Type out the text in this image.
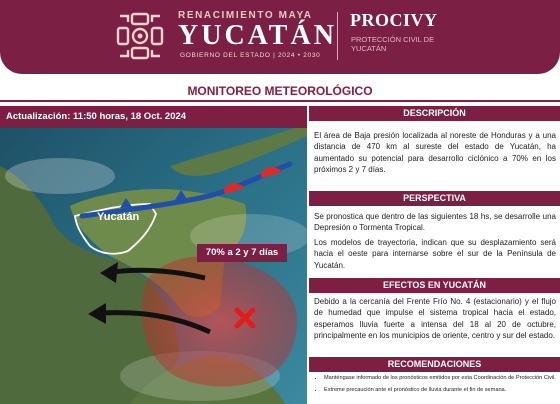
RENACIMIENTO MAYA
YUCATÁN
GOBIERNO DEL ESTADO | 2024 • 2030
PROCIVY
PROTECCIÓN CIVIL DE YUCATÁN
MONITOREO METEOROLÓGICO
Actualización: 11:50 horas, 18 Oct. 2024
Yucatán
70% a 2 y 7 días
DESCRIPCIÓN

El área de Baja presión localizada al noreste de Honduras y a una distancia de 470 km al sureste del estado de Yucatán, ha aumentado su potencial para desarrollo ciclónico a 70% en los próximos 2 y 7 días.

PERSPECTIVA

Se pronostica que dentro de las siguientes 18 hs, se desarrolle una Depresión o Tormenta Tropical.

Los modelos de trayectoria, indican que su desplazamiento será hacia el oeste para internarse sobre el sur de la Península de Yucatán.

EFECTOS EN YUCATÁN

Debido a la cercanía del Frente Frío No. 4 (estacionario) y el flujo de humedad que impulse el sistema tropical hacia el estado, esperamos lluvia fuerte a intensa del 18 al 20 de octubre, principalmente en los municipios de oriente, centro y sur del estado.

RECOMENDACIONES
• Manténgase informado de los pronósticos emitidos por esta Coordinación de Protección Civil.
• Extreme precaución ante el pronóstico de lluvia durante el fin de semana.
